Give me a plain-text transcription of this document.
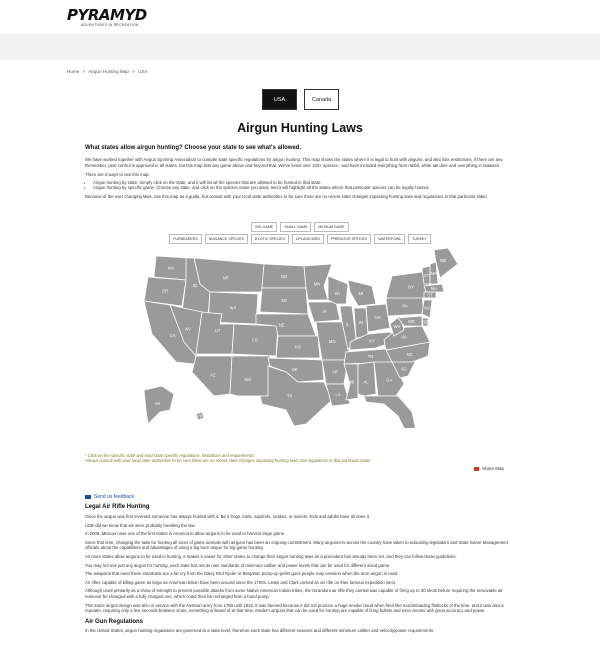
PYRAMYD
ADVENTURES IN RECREATION
Home > Airgun Hunting Map > USA
USA	Canada
Airgun Hunting Laws
What states allow airgun hunting? Choose your state to see what's allowed.
We have worked together with Airgun Sporting Association to compile state specific regulations for airgun hunting. This map shows the states where it is legal to hunt with airguns, and also lists restrictions, if there are any. Remember, pest control is approved in all states, but this map lists any game above and beyond that. We've listed over 100+ species - and have included everything from rabbit, white tail deer and everything in between.
There are 2 ways to use this map:
• Airgun hunting by state: Simply click on the state, and it will list all the species that are allowed to be hunted in that state.
• Airgun hunting by specific game: Choose any state, and click on the species name you want, and it will highlight all the states where that particular species can be legally hunted.
Because of the ever changing laws, use this map as a guide, but consult with your local state authorities to be sure there are no recent state changes impacting hunting laws and regulations in that particular state!
BIG GAME	SMALL GAME	MEDIUM GAME
FURBEARERS	NUISANCE SPECIES	EXOTIC SPECIES	UPLAND BIRD	PREDATOR SPECIES	WATERFOWL	TURKEY
WA
OR
CA
ID
NV
MT
WY
UT
AZ
CO
NM
ND
SD
NE
KS
OK
TX
MN
IA
MO
AR
LA
WI
IL
MI
IN
OH
KY
TN
MS AL	GA
FL
SC
NC
VA
WV
PA
NY
VT NH
ME
MA
CT
NJ
DE
MD
AK
HI
* Click on the specific state and read state specific regulations, limitations and requirements
Always consult with your local state authorities to be sure there are no recent state changes impacting hunting laws and regulations in that particular state!
Share Map
Send us feedback
Legal Air Rifle Hunting
Since the airgun was first invented someone has always hunted with it. Be it frogs, birds, squirrels, snakes, or insects. Kids and adults have all done it.
Little did we know that we were probably breaking the law.
In 2008, Missouri was one of the first states in America to allow airguns to be used to harvest large game.
Since that time, changing the laws for hunting all sizes of game animals with airguns has been an ongoing commitment. Many airgunners across the country have taken to educating legislators and State Game Management officials about the capabilities and advantages of using a big bore airgun for big game hunting.
As more states allow airguns to be used in hunting, it makes it easier for other states to change their airgun hunting laws as a precedent has already been set, and they can follow those guidelines.
You may not use just any airgun for hunting, each state has set its own standards of minimum caliber and power levels that can be used for different sized game.
The weapons that meet these standards are a far cry from the Daisy Red Ryder or Benjamin pump-up pellet guns people may envision when the term airgun is used.
Air rifles capable of killing game as large as American Bison have been around since the 1700s. Lewis and Clark carried an air rifle on their famous expedition west.
Although used primarily as a show of strength to prevent possible attacks from some Native American Indian tribes, the Girandoni air rifle they carried was capable of firing up to 30 shots before requiring the removable air reservoir be changed with a fully charged one, which could then be recharged from a hand pump.
This same airgun design was also in service with the Austrian army from 1780 until 1815, it was favored because it did not produce a huge smoke cloud when fired like muzzleloading flintlocks of the time, and it was also a repeater, requiring only a few seconds between shots, something unheard of at that time. Modern airguns that can be used for hunting are capable of firing bullets and even arrows with great accuracy and power.
Air Gun Regulations
In the United States, airgun hunting regulations are governed at a state level, therefore each state has different seasons and different minimum caliber and velocity/power requirements.
